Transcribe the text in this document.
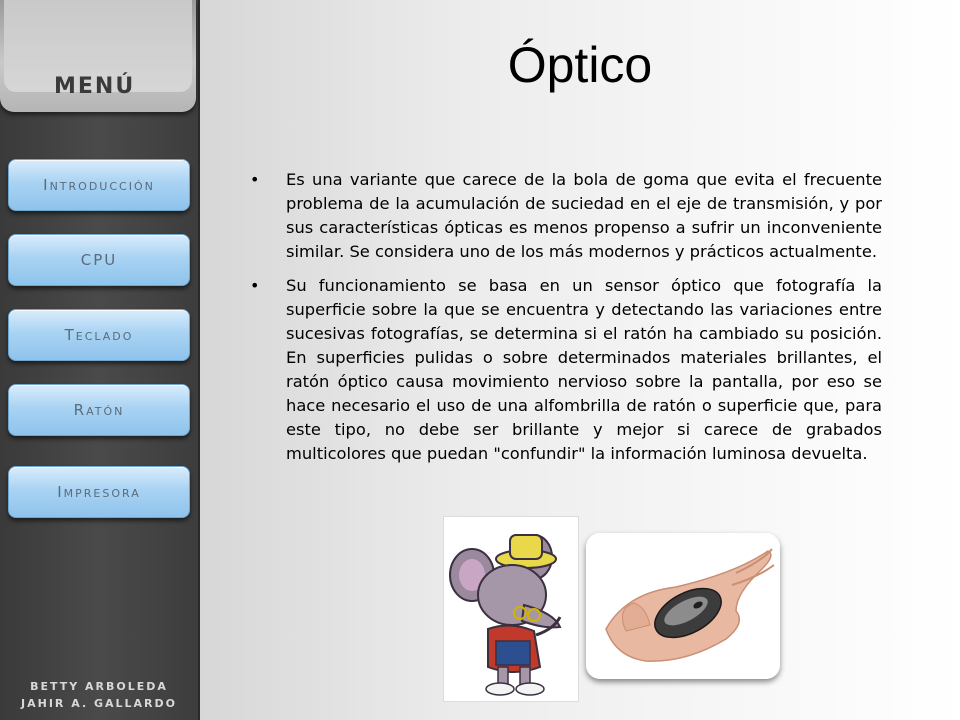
MENÚ
Introducción
CPU
Teclado
Ratón
Impresora
BETTY ARBOLEDA
JAHIR A. GALLARDO
Óptico
• Es una variante que carece de la bola de goma que evita el frecuente problema de la acumulación de suciedad en el eje de transmisión, y por sus características ópticas es menos propenso a sufrir un inconveniente similar. Se considera uno de los más modernos y prácticos actualmente.
• Su funcionamiento se basa en un sensor óptico que fotografía la superficie sobre la que se encuentra y detectando las variaciones entre sucesivas fotografías, se determina si el ratón ha cambiado su posición. En superficies pulidas o sobre determinados materiales brillantes, el ratón óptico causa movimiento nervioso sobre la pantalla, por eso se hace necesario el uso de una alfombrilla de ratón o superficie que, para este tipo, no debe ser brillante y mejor si carece de grabados multicolores que puedan "confundir" la información luminosa devuelta.
